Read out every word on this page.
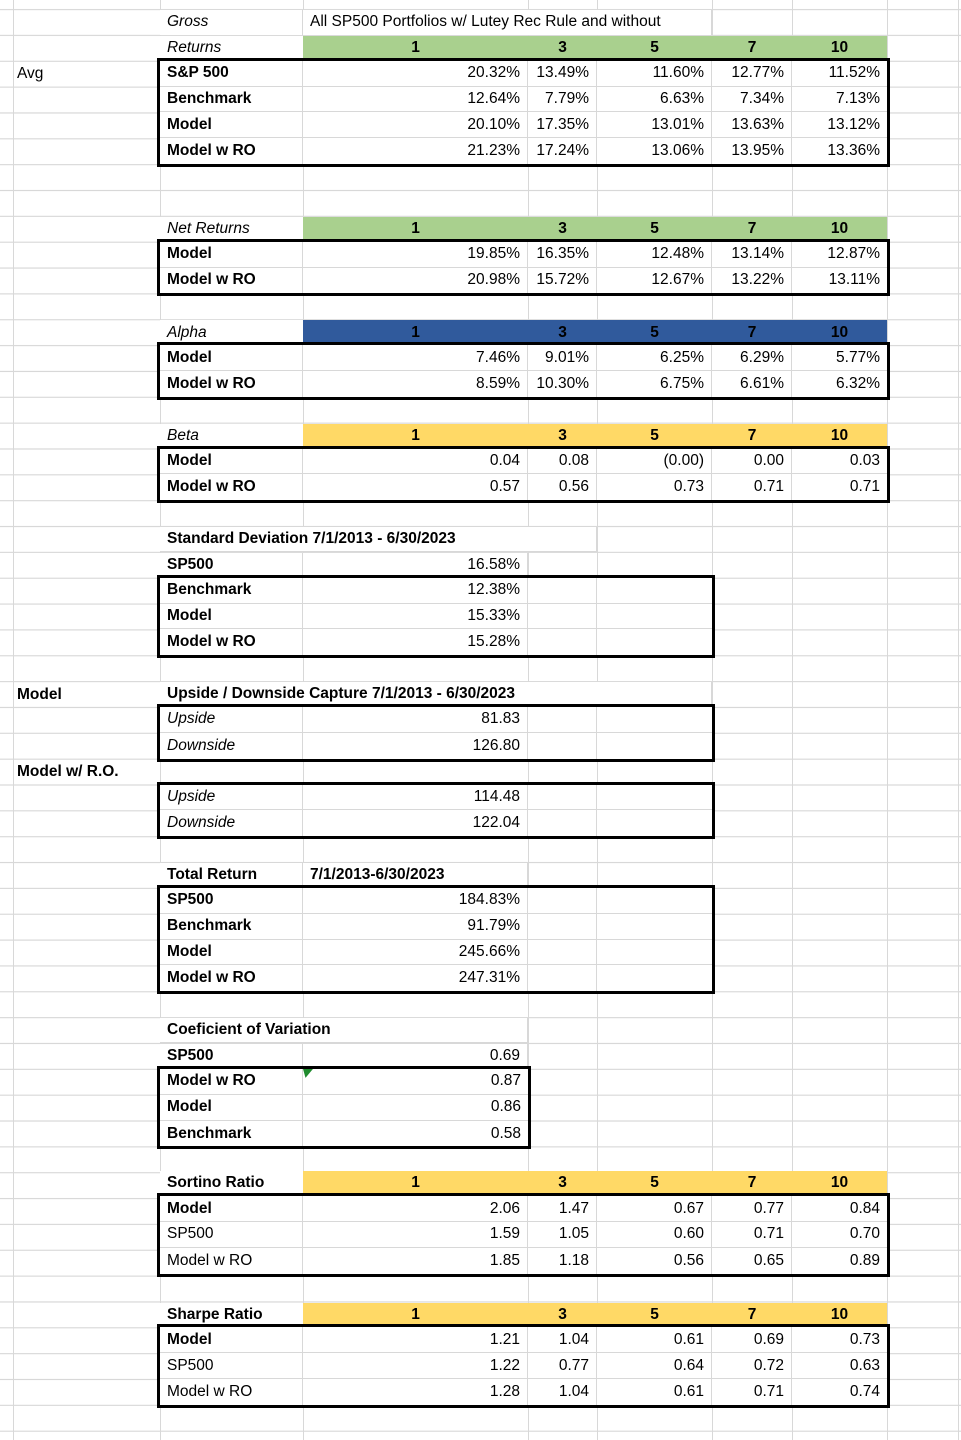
Avg
Model
Model w/ R.O.
Gross	All SP500 Portfolios w/ Lutey Rec Rule and without
Returns	1	3	5	7	10
S&P 500	20.32%	13.49%	11.60%	12.77%	11.52%
Benchmark	12.64%	7.79%	6.63%	7.34%	7.13%
Model	20.10%	17.35%	13.01%	13.63%	13.12%
Model w RO	21.23%	17.24%	13.06%	13.95%	13.36%
Net Returns	1	3	5	7	10
Model	19.85%	16.35%	12.48%	13.14%	12.87%
Model w RO	20.98%	15.72%	12.67%	13.22%	13.11%
Alpha	1	3	5	7	10
Model	7.46%	9.01%	6.25%	6.29%	5.77%
Model w RO	8.59%	10.30%	6.75%	6.61%	6.32%
Beta	1	3	5	7	10
Model	0.04	0.08	(0.00)	0.00	0.03
Model w RO	0.57	0.56	0.73	0.71	0.71
Standard Deviation 7/1/2013 - 6/30/2023
SP500	16.58%
Benchmark	12.38%
Model	15.33%
Model w RO	15.28%
Upside / Downside Capture 7/1/2013 - 6/30/2023
Upside	81.83
Downside	126.80
Upside	114.48
Downside	122.04
Total Return	7/1/2013-6/30/2023
SP500	184.83%
Benchmark	91.79%
Model	245.66%
Model w RO	247.31%
Coeficient of Variation
SP500	0.69
Model w RO	0.87
Model	0.86
Benchmark	0.58
Sortino Ratio	1	3	5	7	10
Model	2.06	1.47	0.67	0.77	0.84
SP500	1.59	1.05	0.60	0.71	0.70
Model w RO	1.85	1.18	0.56	0.65	0.89
Sharpe Ratio	1	3	5	7	10
Model	1.21	1.04	0.61	0.69	0.73
SP500	1.22	0.77	0.64	0.72	0.63
Model w RO	1.28	1.04	0.61	0.71	0.74
